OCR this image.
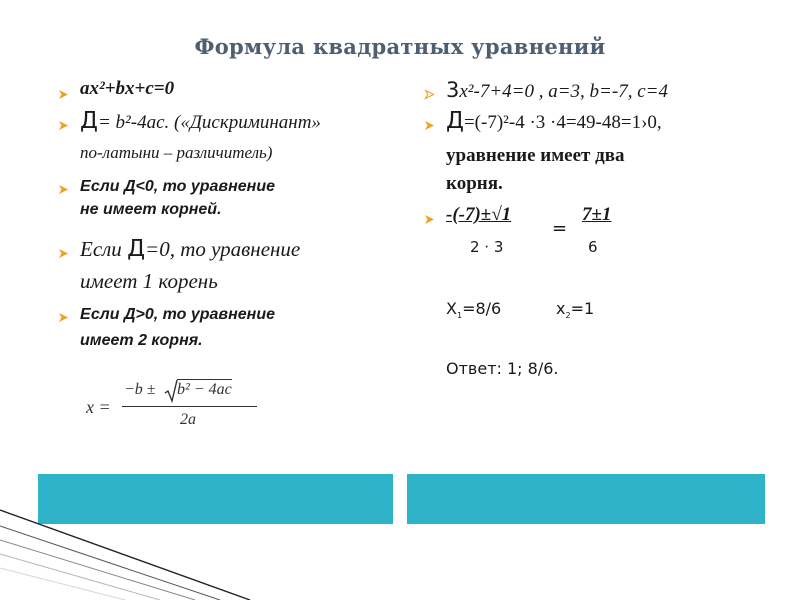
Формула квадратных уравнений
ax²+bx+c=0
Д= b²-4ac. («Дискриминант»
по-латыни – различитель)
Если Д<0, то уравнение
не имеет корней.
Если Д=0, то уравнение
имеет 1 корень
Если Д>0, то уравнение
имеет 2 корня.
x =
−b ± b² − 4ac
2a
3x²-7+4=0 , a=3, b=-7, c=4
Д=(-7)²-4 ·3 ·4=49-48=1›0,
уравнение имеет два
корня.
-(-7)±√1
2 · 3
=
7±1
6
$X_1=8/6$	$x_2=1$
Ответ: 1; 8/6.
